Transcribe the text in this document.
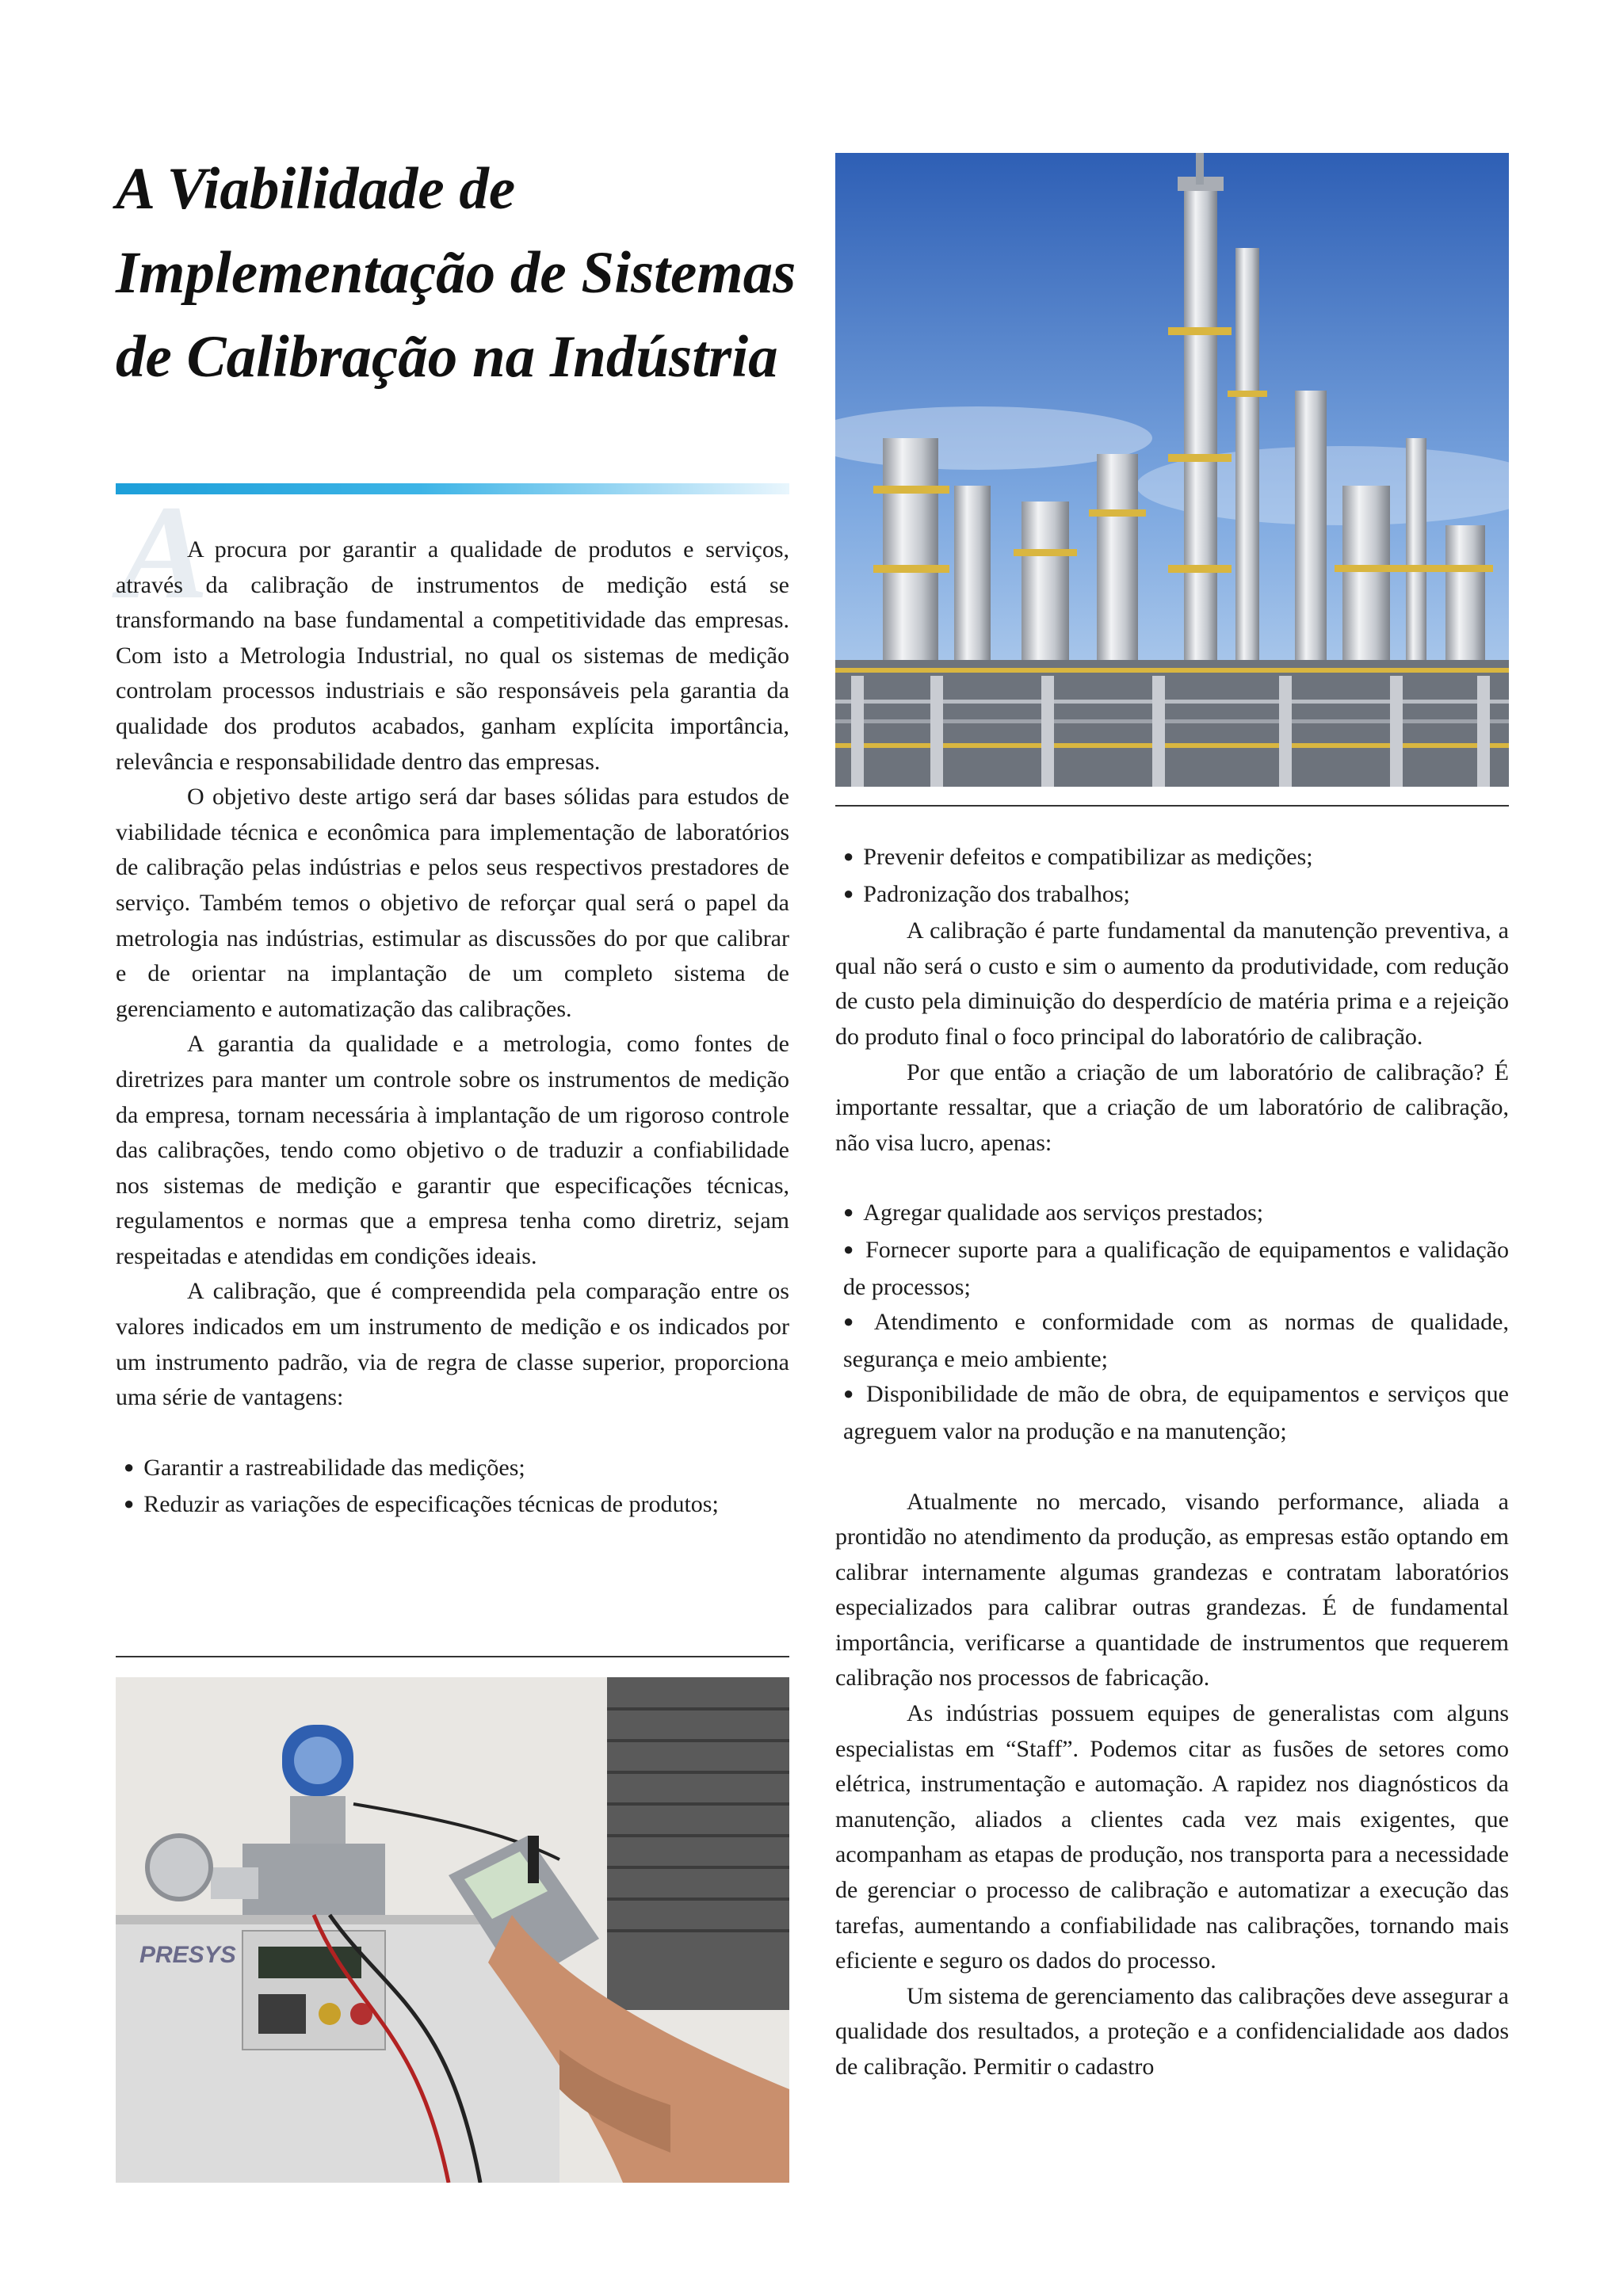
A Viabilidade de Implementação de Sistemas de Calibração na Indústria
A

A procura por garantir a qualidade de produtos e serviços, através da calibração de instrumentos de medição está se transformando na base fundamental a competitividade das empresas. Com isto a Metrologia Industrial, no qual os sistemas de medição controlam processos industriais e são responsáveis pela garantia da qualidade dos produtos acabados, ganham explícita importância, relevância e responsabilidade dentro das empresas.

O objetivo deste artigo será dar bases sólidas para estudos de viabilidade técnica e econômica para implementação de laboratórios de calibração pelas indústrias e pelos seus respectivos prestadores de serviço. Também temos o objetivo de reforçar qual será o papel da metrologia nas indústrias, estimular as discussões do por que calibrar e de orientar na implantação de um completo sistema de gerenciamento e automatização das calibrações.

A garantia da qualidade e a metrologia, como fontes de diretrizes para manter um controle sobre os instrumentos de medição da empresa, tornam necessária à implantação de um rigoroso controle das calibrações, tendo como objetivo o de traduzir a confiabilidade nos sistemas de medição e garantir que especificações técnicas, regulamentos e normas que a empresa tenha como diretriz, sejam respeitadas e atendidas em condições ideais.

A calibração, que é compreendida pela comparação entre os valores indicados em um instrumento de medição e os indicados por um instrumento padrão, via de regra de classe superior, proporciona uma série de vantagens:

● Garantir a rastreabilidade das medições;

● Reduzir as variações de especificações técnicas de produtos;

● Prevenir defeitos e compatibilizar as medições;

● Padronização dos trabalhos;

A calibração é parte fundamental da manutenção preventiva, a qual não será o custo e sim o aumento da produtividade, com redução de custo pela diminuição do desperdício de matéria prima e a rejeição do produto final o foco principal do laboratório de calibração.

Por que então a criação de um laboratório de calibração? É importante ressaltar, que a criação de um laboratório de calibração, não visa lucro, apenas:

● Agregar qualidade aos serviços prestados;

● Fornecer suporte para a qualificação de equipamentos e validação de processos;

● Atendimento e conformidade com as normas de qualidade, segurança e meio ambiente;

● Disponibilidade de mão de obra, de equipamentos e serviços que agreguem valor na produção e na manutenção;

Atualmente no mercado, visando performance, aliada a prontidão no atendimento da produção, as empresas estão optando em calibrar internamente algumas grandezas e contratam laboratórios especializados para calibrar outras grandezas. É de fundamental importância, verificarse a quantidade de instrumentos que requerem calibração nos processos de fabricação.

As indústrias possuem equipes de generalistas com alguns especialistas em “Staff”. Podemos citar as fusões de setores como elétrica, instrumentação e automação. A rapidez nos diagnósticos da manutenção, aliados a clientes cada vez mais exigentes, que acompanham as etapas de produção, nos transporta para a necessidade de gerenciar o processo de calibração e automatizar a execução das tarefas, aumentando a confiabilidade nas calibrações, tornando mais eficiente e seguro os dados do processo.

Um sistema de gerenciamento das calibrações deve assegurar a qualidade dos resultados, a proteção e a confidencialidade aos dados de calibração. Permitir o cadastro

PRESYS
